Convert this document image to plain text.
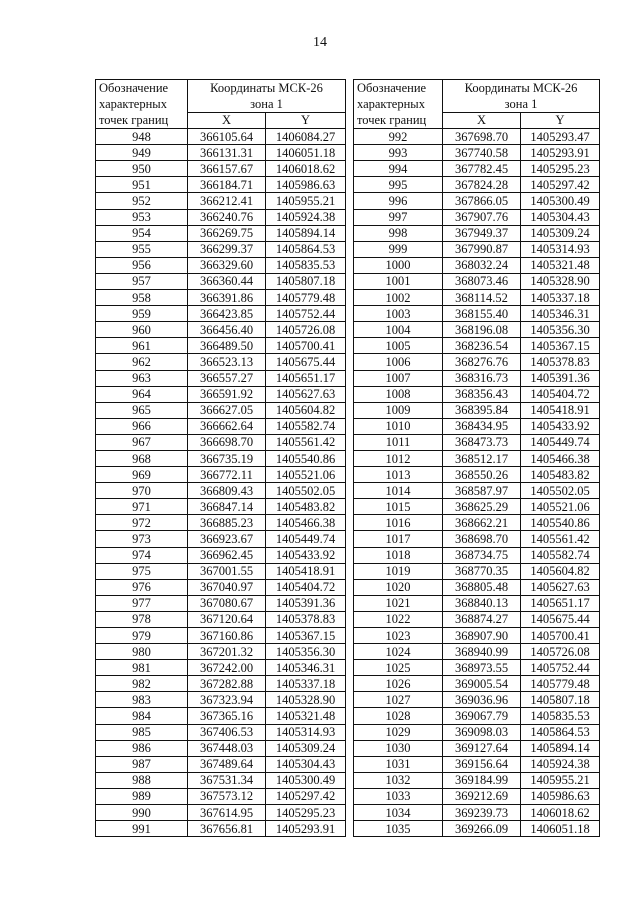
14
Обозначение
характерных
точек границ	Координаты МСК-26
зона 1	

	X	Y
948	366105.64	1406084.27
949	366131.31	1406051.18
950	366157.67	1406018.62
951	366184.71	1405986.63
952	366212.41	1405955.21
953	366240.76	1405924.38
954	366269.75	1405894.14
955	366299.37	1405864.53
956	366329.60	1405835.53
957	366360.44	1405807.18
958	366391.86	1405779.48
959	366423.85	1405752.44
960	366456.40	1405726.08
961	366489.50	1405700.41
962	366523.13	1405675.44
963	366557.27	1405651.17
964	366591.92	1405627.63
965	366627.05	1405604.82
966	366662.64	1405582.74
967	366698.70	1405561.42
968	366735.19	1405540.86
969	366772.11	1405521.06
970	366809.43	1405502.05
971	366847.14	1405483.82
972	366885.23	1405466.38
973	366923.67	1405449.74
974	366962.45	1405433.92
975	367001.55	1405418.91
976	367040.97	1405404.72
977	367080.67	1405391.36
978	367120.64	1405378.83
979	367160.86	1405367.15
980	367201.32	1405356.30
981	367242.00	1405346.31
982	367282.88	1405337.18
983	367323.94	1405328.90
984	367365.16	1405321.48
985	367406.53	1405314.93
986	367448.03	1405309.24
987	367489.64	1405304.43
988	367531.34	1405300.49
989	367573.12	1405297.42
990	367614.95	1405295.23
991	367656.81	1405293.91
Обозначение
характерных
точек границ	Координаты МСК-26
зона 1	

	X	Y
992	367698.70	1405293.47
993	367740.58	1405293.91
994	367782.45	1405295.23
995	367824.28	1405297.42
996	367866.05	1405300.49
997	367907.76	1405304.43
998	367949.37	1405309.24
999	367990.87	1405314.93
1000	368032.24	1405321.48
1001	368073.46	1405328.90
1002	368114.52	1405337.18
1003	368155.40	1405346.31
1004	368196.08	1405356.30
1005	368236.54	1405367.15
1006	368276.76	1405378.83
1007	368316.73	1405391.36
1008	368356.43	1405404.72
1009	368395.84	1405418.91
1010	368434.95	1405433.92
1011	368473.73	1405449.74
1012	368512.17	1405466.38
1013	368550.26	1405483.82
1014	368587.97	1405502.05
1015	368625.29	1405521.06
1016	368662.21	1405540.86
1017	368698.70	1405561.42
1018	368734.75	1405582.74
1019	368770.35	1405604.82
1020	368805.48	1405627.63
1021	368840.13	1405651.17
1022	368874.27	1405675.44
1023	368907.90	1405700.41
1024	368940.99	1405726.08
1025	368973.55	1405752.44
1026	369005.54	1405779.48
1027	369036.96	1405807.18
1028	369067.79	1405835.53
1029	369098.03	1405864.53
1030	369127.64	1405894.14
1031	369156.64	1405924.38
1032	369184.99	1405955.21
1033	369212.69	1405986.63
1034	369239.73	1406018.62
1035	369266.09	1406051.18
